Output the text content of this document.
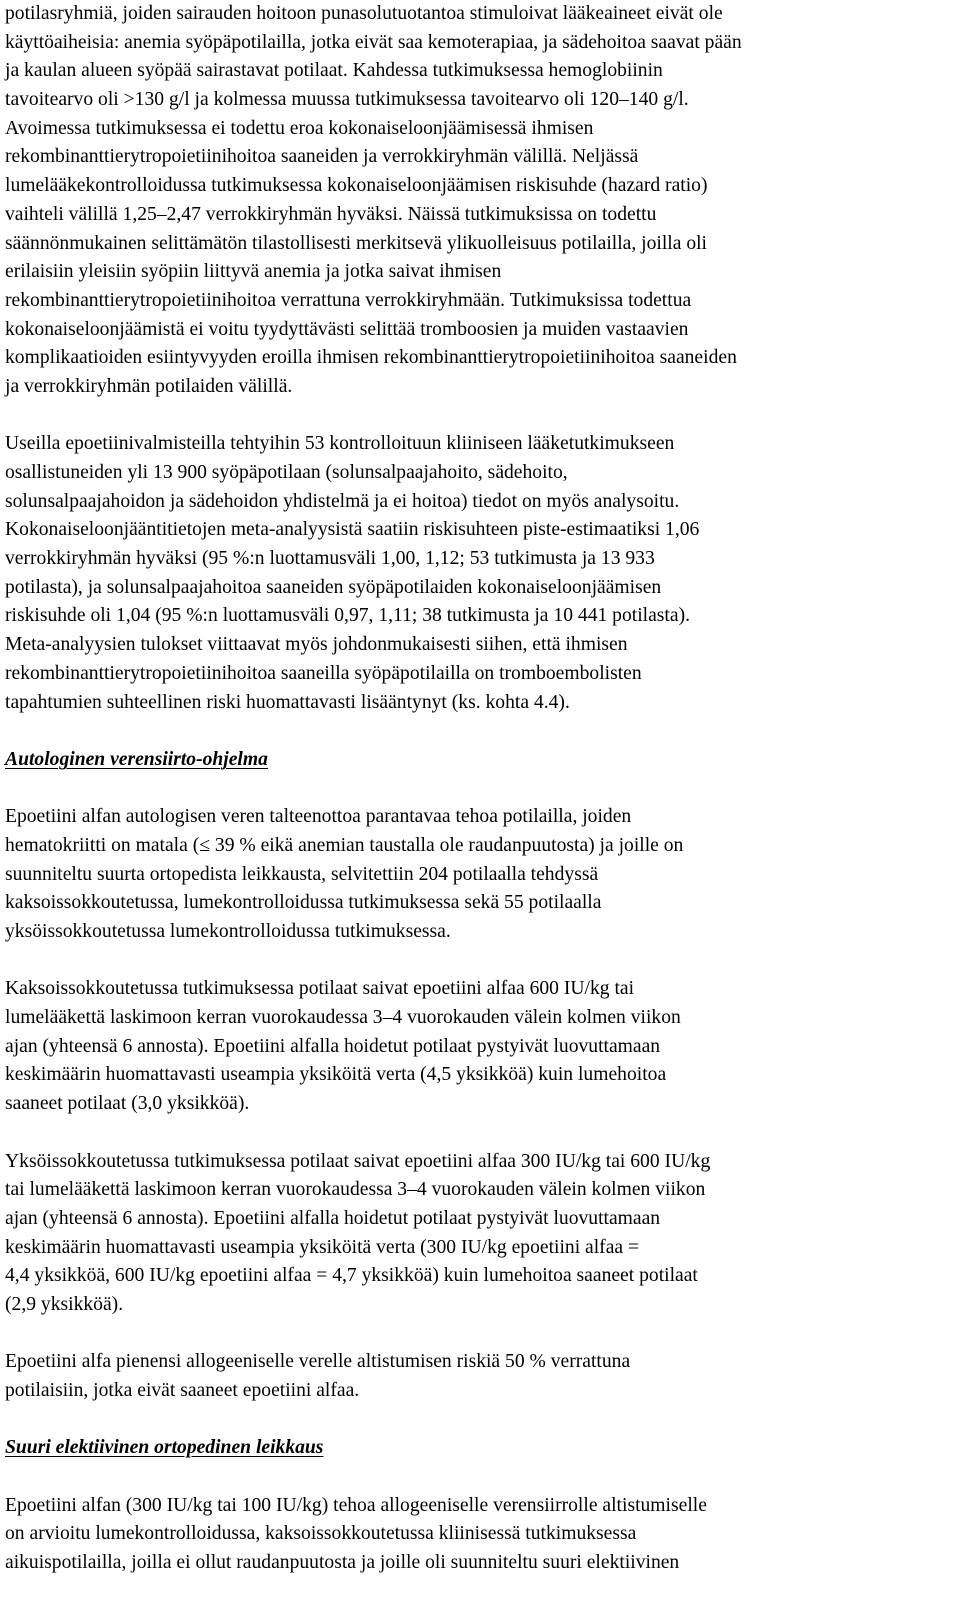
potilasryhmiä, joiden sairauden hoitoon punasolutuotantoa stimuloivat lääkeaineet eivät ole
käyttöaiheisia: anemia syöpäpotilailla, jotka eivät saa kemoterapiaa, ja sädehoitoa saavat pään
ja kaulan alueen syöpää sairastavat potilaat. Kahdessa tutkimuksessa hemoglobiinin
tavoitearvo oli >130 g/l ja kolmessa muussa tutkimuksessa tavoitearvo oli 120–140 g/l.
Avoimessa tutkimuksessa ei todettu eroa kokonaiseloonjäämisessä ihmisen
rekombinanttierytropoietiinihoitoa saaneiden ja verrokkiryhmän välillä. Neljässä
lumelääkekontrolloidussa tutkimuksessa kokonaiseloonjäämisen riskisuhde (hazard ratio)
vaihteli välillä 1,25–2,47 verrokkiryhmän hyväksi. Näissä tutkimuksissa on todettu
säännönmukainen selittämätön tilastollisesti merkitsevä ylikuolleisuus potilailla, joilla oli
erilaisiin yleisiin syöpiin liittyvä anemia ja jotka saivat ihmisen
rekombinanttierytropoietiinihoitoa verrattuna verrokkiryhmään. Tutkimuksissa todettua
kokonaiseloonjäämistä ei voitu tyydyttävästi selittää tromboosien ja muiden vastaavien
komplikaatioiden esiintyvyyden eroilla ihmisen rekombinanttierytropoietiinihoitoa saaneiden
ja verrokkiryhmän potilaiden välillä.
Useilla epoetiinivalmisteilla tehtyihin 53 kontrolloituun kliiniseen lääketutkimukseen
osallistuneiden yli 13 900 syöpäpotilaan (solunsalpaajahoito, sädehoito,
solunsalpaajahoidon ja sädehoidon yhdistelmä ja ei hoitoa) tiedot on myös analysoitu.
Kokonaiseloonjääntitietojen meta-analyysistä saatiin riskisuhteen piste-estimaatiksi 1,06
verrokkiryhmän hyväksi (95 %:n luottamusväli 1,00, 1,12; 53 tutkimusta ja 13 933
potilasta), ja solunsalpaajahoitoa saaneiden syöpäpotilaiden kokonaiseloonjäämisen
riskisuhde oli 1,04 (95 %:n luottamusväli 0,97, 1,11; 38 tutkimusta ja 10 441 potilasta).
Meta-analyysien tulokset viittaavat myös johdonmukaisesti siihen, että ihmisen
rekombinanttierytropoietiinihoitoa saaneilla syöpäpotilailla on tromboembolisten
tapahtumien suhteellinen riski huomattavasti lisääntynyt (ks. kohta 4.4).
Autologinen verensiirto-ohjelma
Epoetiini alfan autologisen veren talteenottoa parantavaa tehoa potilailla, joiden
hematokriitti on matala (≤ 39 % eikä anemian taustalla ole raudanpuutosta) ja joille on
suunniteltu suurta ortopedista leikkausta, selvitettiin 204 potilaalla tehdyssä
kaksoissokkoutetussa, lumekontrolloidussa tutkimuksessa sekä 55 potilaalla
yksöissokkoutetussa lumekontrolloidussa tutkimuksessa.
Kaksoissokkoutetussa tutkimuksessa potilaat saivat epoetiini alfaa 600 IU/kg tai
lumelääkettä laskimoon kerran vuorokaudessa 3–4 vuorokauden välein kolmen viikon
ajan (yhteensä 6 annosta). Epoetiini alfalla hoidetut potilaat pystyivät luovuttamaan
keskimäärin huomattavasti useampia yksiköitä verta (4,5 yksikköä) kuin lumehoitoa
saaneet potilaat (3,0 yksikköä).
Yksöissokkoutetussa tutkimuksessa potilaat saivat epoetiini alfaa 300 IU/kg tai 600 IU/kg
tai lumelääkettä laskimoon kerran vuorokaudessa 3–4 vuorokauden välein kolmen viikon
ajan (yhteensä 6 annosta). Epoetiini alfalla hoidetut potilaat pystyivät luovuttamaan
keskimäärin huomattavasti useampia yksiköitä verta (300 IU/kg epoetiini alfaa =
4,4 yksikköä, 600 IU/kg epoetiini alfaa = 4,7 yksikköä) kuin lumehoitoa saaneet potilaat
(2,9 yksikköä).
Epoetiini alfa pienensi allogeeniselle verelle altistumisen riskiä 50 % verrattuna
potilaisiin, jotka eivät saaneet epoetiini alfaa.
Suuri elektiivinen ortopedinen leikkaus
Epoetiini alfan (300 IU/kg tai 100 IU/kg) tehoa allogeeniselle verensiirrolle altistumiselle
on arvioitu lumekontrolloidussa, kaksoissokkoutetussa kliinisessä tutkimuksessa
aikuispotilailla, joilla ei ollut raudanpuutosta ja joille oli suunniteltu suuri elektiivinen
